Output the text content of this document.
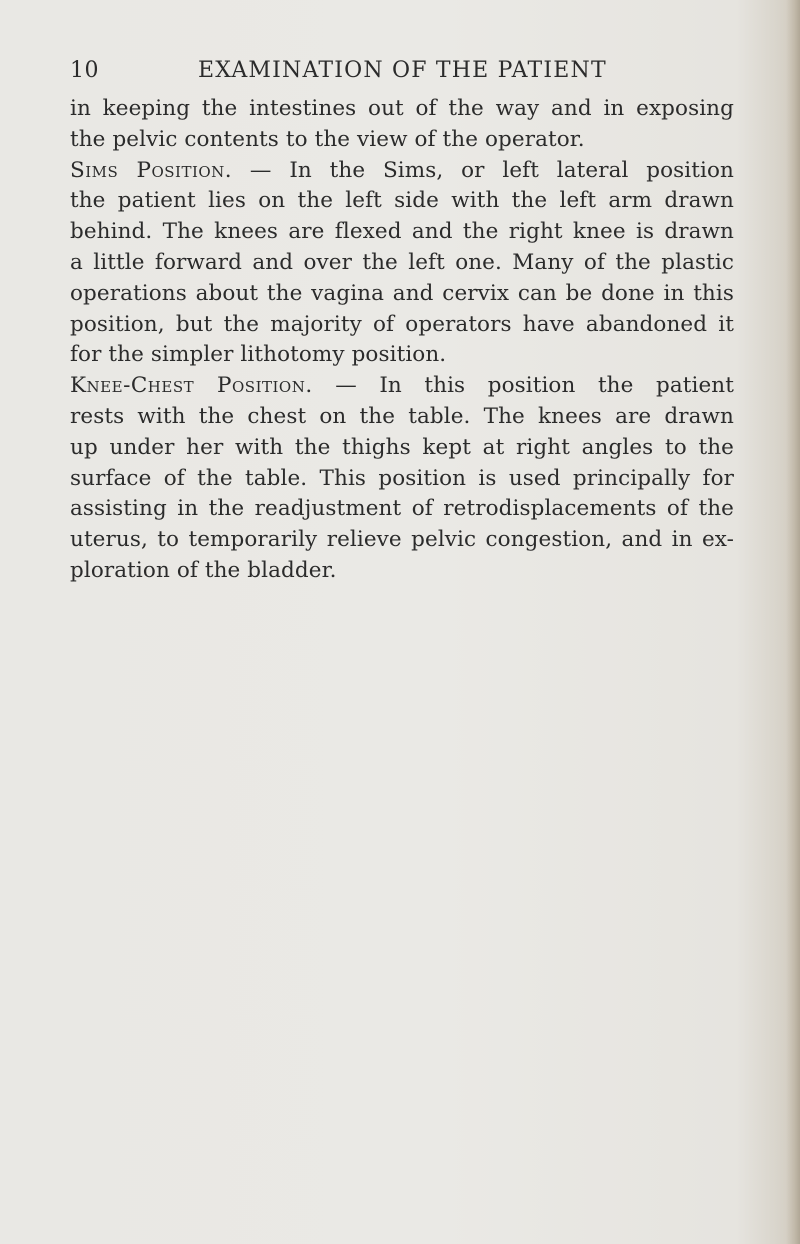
10	EXAMINATION OF THE PATIENT
in keeping the intestines out of the way and in exposing
the pelvic contents to the view of the operator.
Sims Position. — In the Sims, or left lateral position
the patient lies on the left side with the left arm drawn
behind. The knees are flexed and the right knee is drawn
a little forward and over the left one. Many of the plastic
operations about the vagina and cervix can be done in this
position, but the majority of operators have abandoned it
for the simpler lithotomy position.
Knee-Chest Position. — In this position the patient
rests with the chest on the table. The knees are drawn
up under her with the thighs kept at right angles to the
surface of the table. This position is used principally for
assisting in the readjustment of retrodisplacements of the
uterus, to temporarily relieve pelvic congestion, and in ex-
ploration of the bladder.
